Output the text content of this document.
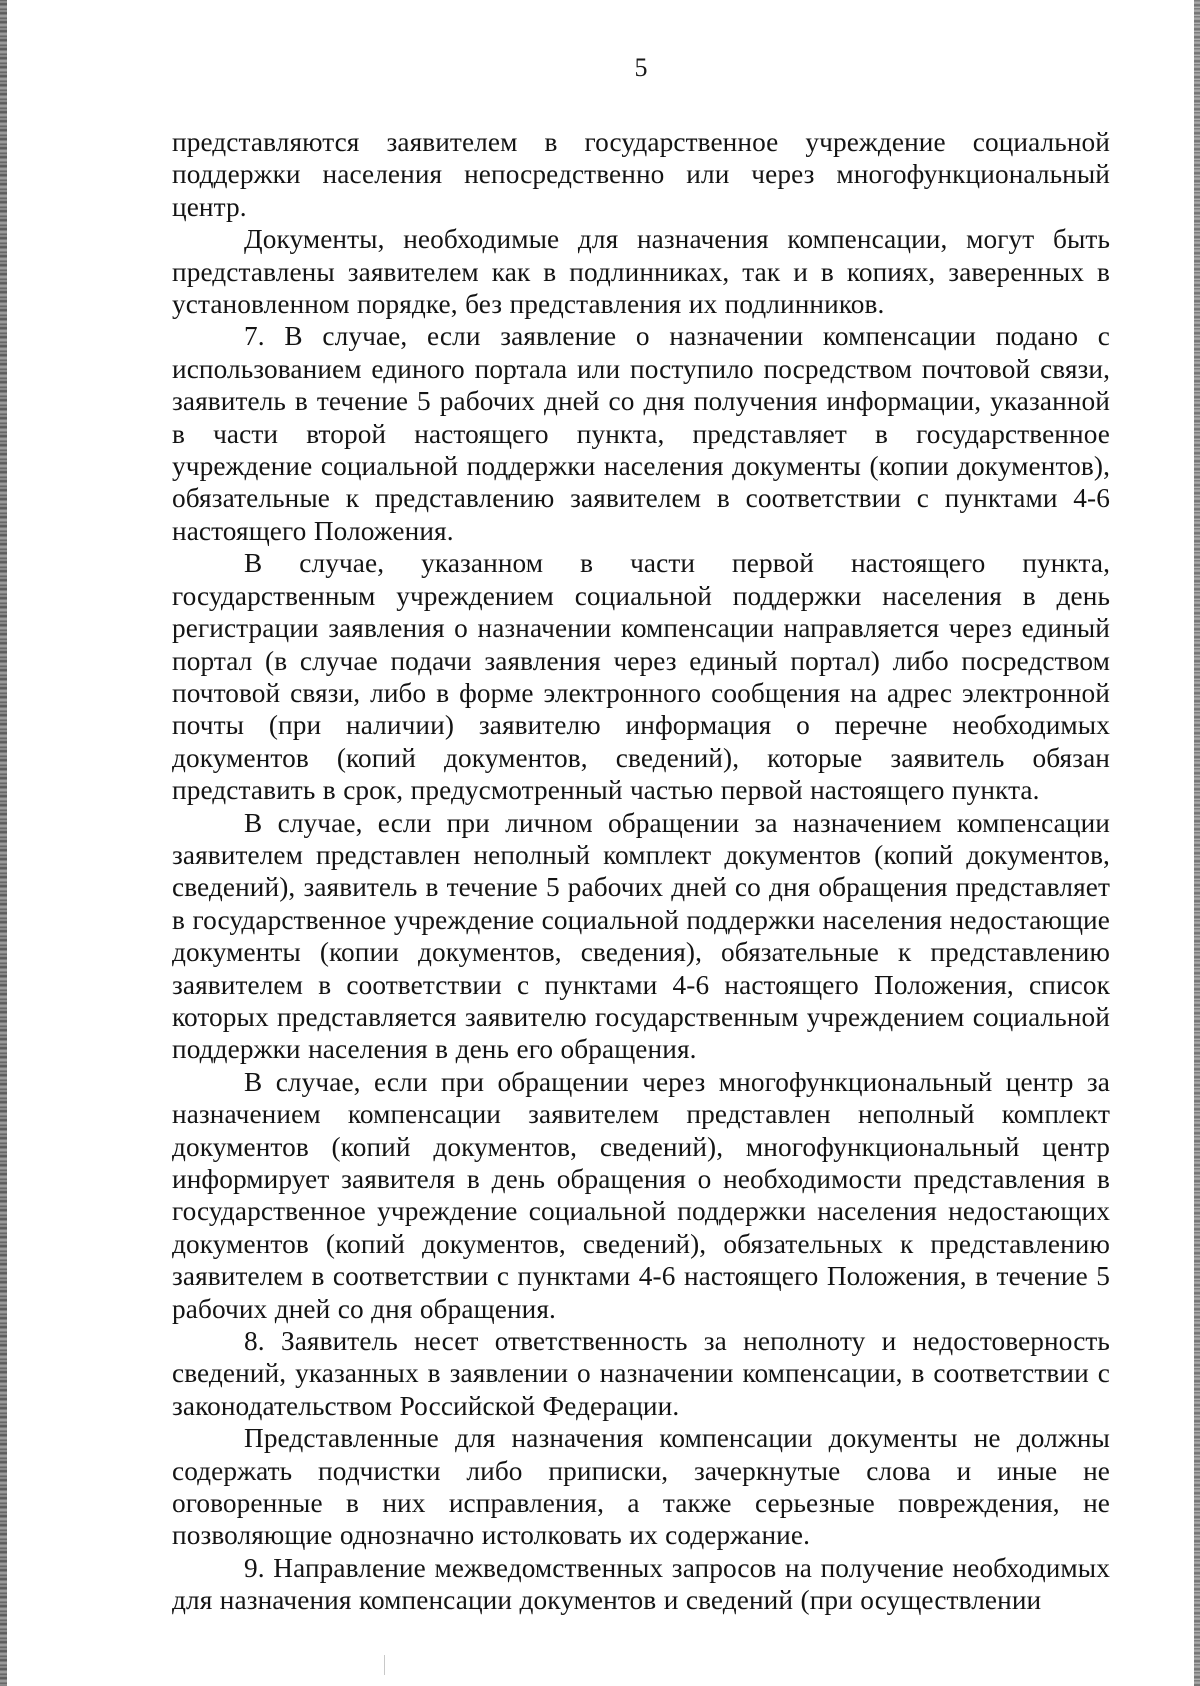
5

представляются заявителем в государственное учреждение социальной поддержки населения непосредственно или через многофункциональный центр.

Документы, необходимые для назначения компенсации, могут быть представлены заявителем как в подлинниках, так и в копиях, заверенных в установленном порядке, без представления их подлинников.

7. В случае, если заявление о назначении компенсации подано с использованием единого портала или поступило посредством почтовой связи, заявитель в течение 5 рабочих дней со дня получения информации, указанной в части второй настоящего пункта, представляет в государственное учреждение социальной поддержки населения документы (копии документов), обязательные к представлению заявителем в соответствии с пунктами 4-6 настоящего Положения.

В случае, указанном в части первой настоящего пункта, государственным учреждением социальной поддержки населения в день регистрации заявления о назначении компенсации направляется через единый портал (в случае подачи заявления через единый портал) либо посредством почтовой связи, либо в форме электронного сообщения на адрес электронной почты (при наличии) заявителю информация о перечне необходимых документов (копий документов, сведений), которые заявитель обязан представить в срок, предусмотренный частью первой настоящего пункта.

В случае, если при личном обращении за назначением компенсации заявителем представлен неполный комплект документов (копий документов, сведений), заявитель в течение 5 рабочих дней со дня обращения представляет в государственное учреждение социальной поддержки населения недостающие документы (копии документов, сведения), обязательные к представлению заявителем в соответствии с пунктами 4-6 настоящего Положения, список которых представляется заявителю государственным учреждением социальной поддержки населения в день его обращения.

В случае, если при обращении через многофункциональный центр за назначением компенсации заявителем представлен неполный комплект документов (копий документов, сведений), многофункциональный центр информирует заявителя в день обращения о необходимости представления в государственное учреждение социальной поддержки населения недостающих документов (копий документов, сведений), обязательных к представлению заявителем в соответствии с пунктами 4-6 настоящего Положения, в течение 5 рабочих дней со дня обращения.

8. Заявитель несет ответственность за неполноту и недостоверность сведений, указанных в заявлении о назначении компенсации, в соответствии с законодательством Российской Федерации.

Представленные для назначения компенсации документы не должны содержать подчистки либо приписки, зачеркнутые слова и иные не оговоренные в них исправления, а также серьезные повреждения, не позволяющие однозначно истолковать их содержание.

9. Направление межведомственных запросов на получение необходимых для назначения компенсации документов и сведений (при осуществлении
